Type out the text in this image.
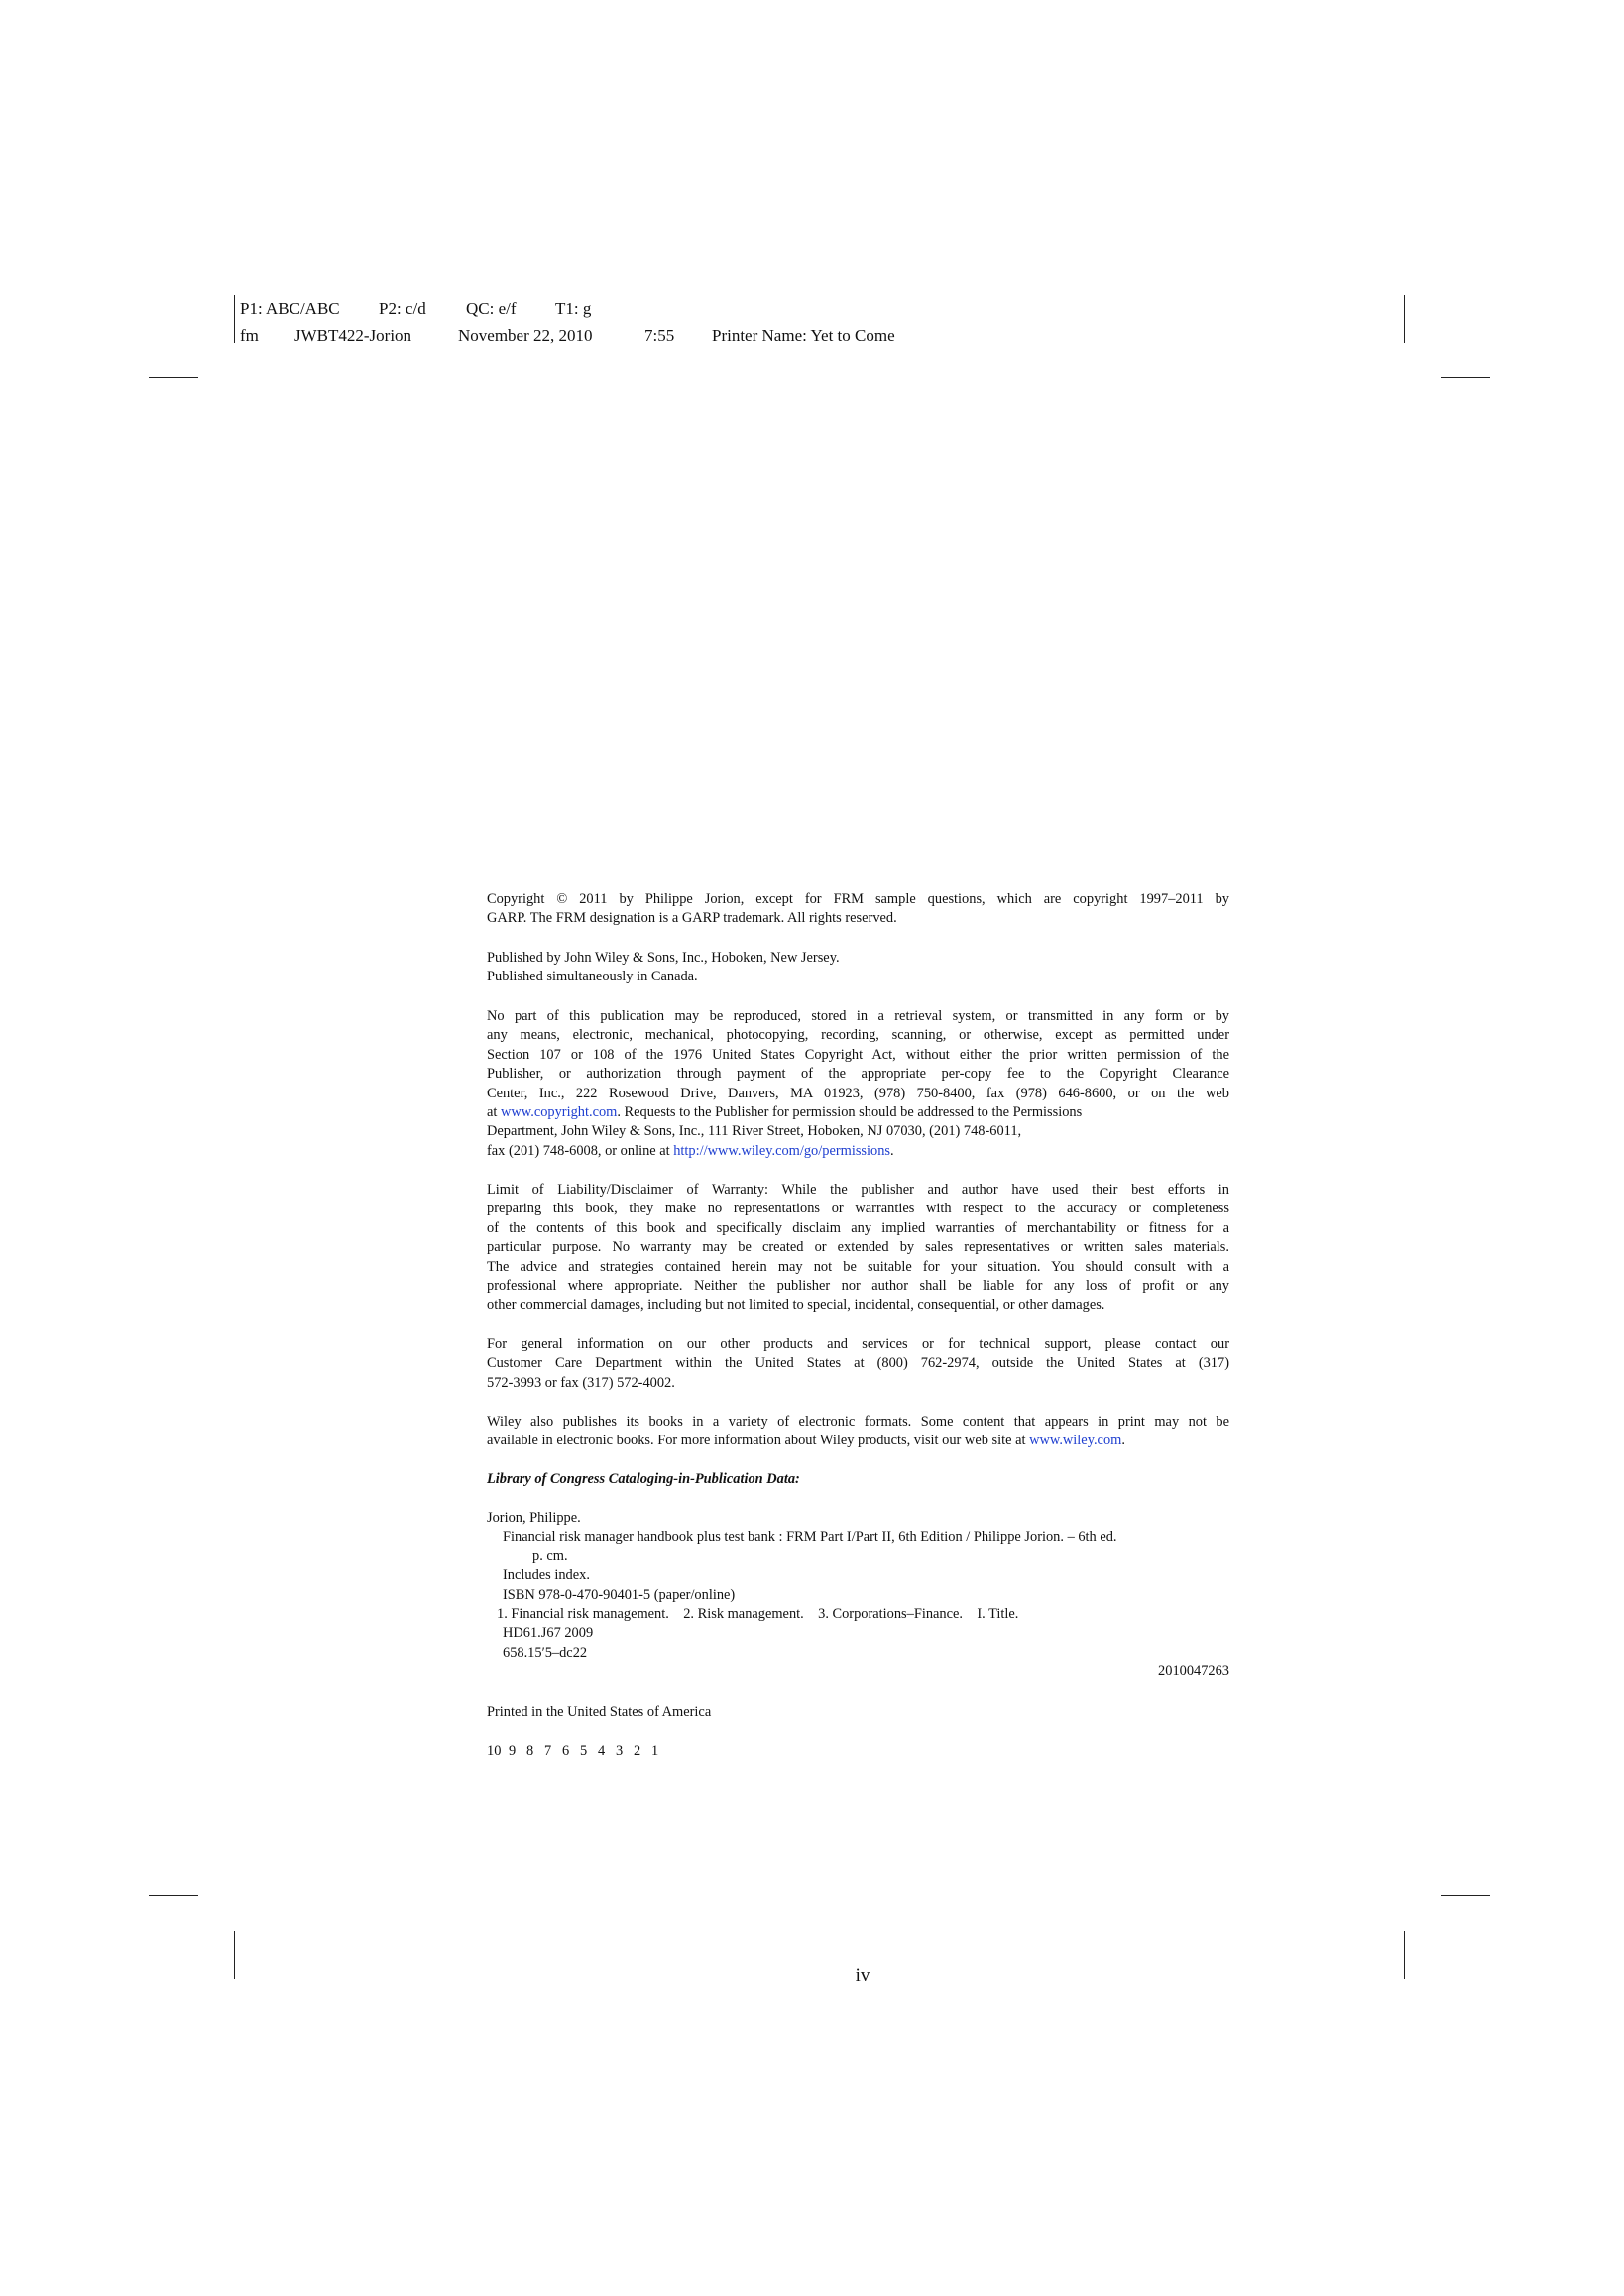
P1: ABC/ABC

P2: c/d

QC: e/f

T1: g

fm

JWBT422-Jorion

	November 22, 2010

	7:55

Printer Name: Yet to Come

Copyright © 2011 by Philippe Jorion, except for FRM sample questions, which are copyright 1997–2011 by
GARP. The FRM designation is a GARP trademark. All rights reserved.
Published by John Wiley & Sons, Inc., Hoboken, New Jersey.
Published simultaneously in Canada.
No part of this publication may be reproduced, stored in a retrieval system, or transmitted in any form or by
any means, electronic, mechanical, photocopying, recording, scanning, or otherwise, except as permitted under
Section 107 or 108 of the 1976 United States Copyright Act, without either the prior written permission of the
Publisher, or authorization through payment of the appropriate per-copy fee to the Copyright Clearance
Center, Inc., 222 Rosewood Drive, Danvers, MA 01923, (978) 750-8400, fax (978) 646-8600, or on the web
at www.copyright.com. Requests to the Publisher for permission should be addressed to the Permissions
Department, John Wiley & Sons, Inc., 111 River Street, Hoboken, NJ 07030, (201) 748-6011,
fax (201) 748-6008, or online at http://www.wiley.com/go/permissions.
Limit of Liability/Disclaimer of Warranty: While the publisher and author have used their best efforts in
preparing this book, they make no representations or warranties with respect to the accuracy or completeness
of the contents of this book and specifically disclaim any implied warranties of merchantability or fitness for a
particular purpose. No warranty may be created or extended by sales representatives or written sales materials.
The advice and strategies contained herein may not be suitable for your situation. You should consult with a
professional where appropriate. Neither the publisher nor author shall be liable for any loss of profit or any
other commercial damages, including but not limited to special, incidental, consequential, or other damages.
For general information on our other products and services or for technical support, please contact our
Customer Care Department within the United States at (800) 762-2974, outside the United States at (317)
572-3993 or fax (317) 572-4002.
Wiley also publishes its books in a variety of electronic formats. Some content that appears in print may not be
available in electronic books. For more information about Wiley products, visit our web site at www.wiley.com.
Library of Congress Cataloging-in-Publication Data:
Jorion, Philippe.
Financial risk manager handbook plus test bank : FRM Part I/Part II, 6th Edition / Philippe Jorion. – 6th ed.
p. cm.
Includes index.
ISBN 978-0-470-90401-5 (paper/online)
1. Financial risk management.    2. Risk management.    3. Corporations–Finance.    I. Title.
HD61.J67 2009
658.15′5–dc22
2010047263
Printed in the United States of America
10 9 8 7 6 5 4 3 2 1
iv
